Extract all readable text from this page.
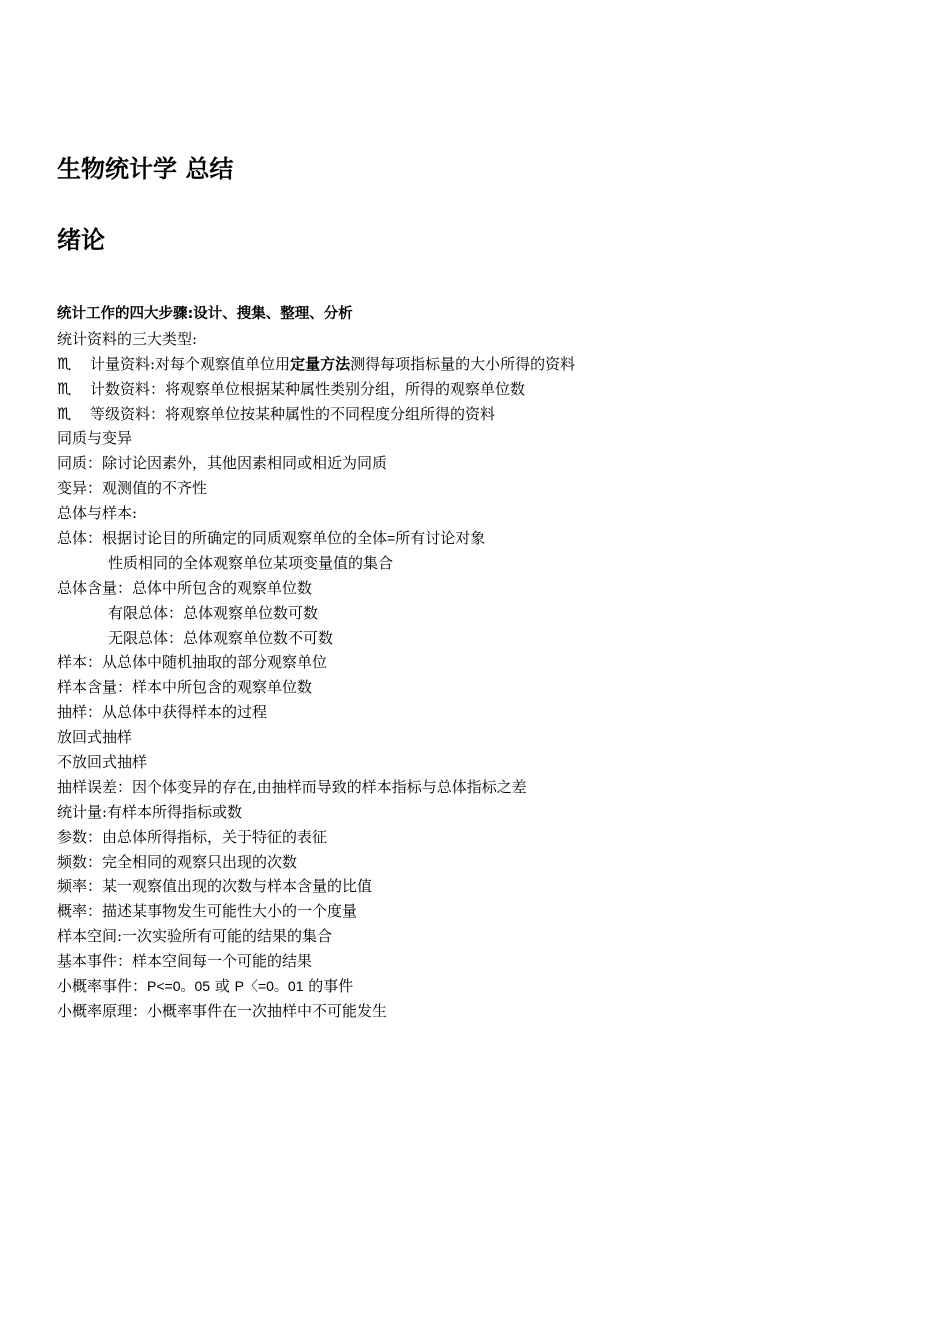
生物统计学 总结
绪论
统计工作的四大步骤:设计、搜集、整理、分析
统计资料的三大类型:
♏ 计量资料:对每个观察值单位用定量方法测得每项指标量的大小所得的资料
♏ 计数资料：将观察单位根据某种属性类别分组，所得的观察单位数
♏ 等级资料：将观察单位按某种属性的不同程度分组所得的资料
同质与变异
同质：除讨论因素外，其他因素相同或相近为同质
变异：观测值的不齐性
总体与样本:
总体：根据讨论目的所确定的同质观察单位的全体=所有讨论对象
性质相同的全体观察单位某项变量值的集合
总体含量：总体中所包含的观察单位数
有限总体：总体观察单位数可数
无限总体：总体观察单位数不可数
样本：从总体中随机抽取的部分观察单位
样本含量：样本中所包含的观察单位数
抽样：从总体中获得样本的过程
放回式抽样
不放回式抽样
抽样误差：因个体变异的存在,由抽样而导致的样本指标与总体指标之差
统计量:有样本所得指标或数
参数：由总体所得指标，关于特征的表征
频数：完全相同的观察只出现的次数
频率：某一观察值出现的次数与样本含量的比值
概率：描述某事物发生可能性大小的一个度量
样本空间:一次实验所有可能的结果的集合
基本事件：样本空间每一个可能的结果
小概率事件：P<=0。05 或 P〈=0。01 的事件
小概率原理：小概率事件在一次抽样中不可能发生
